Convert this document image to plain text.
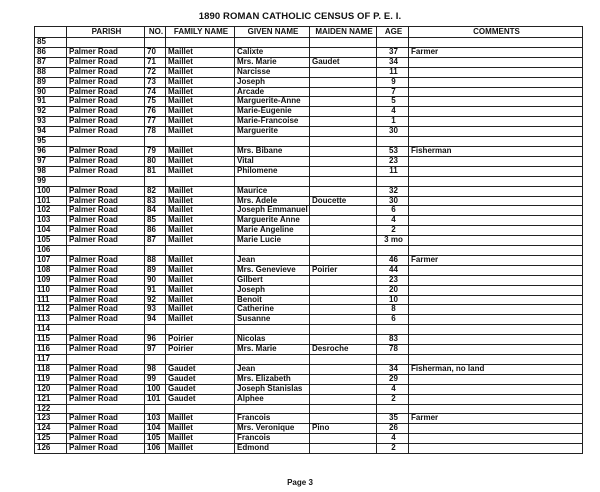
1890 ROMAN CATHOLIC CENSUS OF P. E. I.
	PARISH	NO.	FAMILY NAME	GIVEN NAME	MAIDEN NAME	AGE	COMMENTS
85							
86	Palmer Road	70	Maillet	Calixte		37	Farmer
87	Palmer Road	71	Maillet	Mrs. Marie	Gaudet	34	
88	Palmer Road	72	Maillet	Narcisse		11	
89	Palmer Road	73	Maillet	Joseph		9	
90	Palmer Road	74	Maillet	Arcade		7	
91	Palmer Road	75	Maillet	Marguerite-Anne		5	
92	Palmer Road	76	Maillet	Marie-Eugenie		4	
93	Palmer Road	77	Maillet	Marie-Francoise		1	
94	Palmer Road	78	Maillet	Marguerite		30	
95							
96	Palmer Road	79	Maillet	Mrs. Bibane		53	Fisherman
97	Palmer Road	80	Maillet	Vital		23	
98	Palmer Road	81	Maillet	Philomene		11	
99							
100	Palmer Road	82	Maillet	Maurice		32	
101	Palmer Road	83	Maillet	Mrs. Adele	Doucette	30	
102	Palmer Road	84	Maillet	Joseph Emmanuel		6	
103	Palmer Road	85	Maillet	Marguerite Anne		4	
104	Palmer Road	86	Maillet	Marie Angeline		2	
105	Palmer Road	87	Maillet	Marie Lucie		3 mo	
106							
107	Palmer Road	88	Maillet	Jean		46	Farmer
108	Palmer Road	89	Maillet	Mrs. Genevieve	Poirier	44	
109	Palmer Road	90	Maillet	Gilbert		23	
110	Palmer Road	91	Maillet	Joseph		20	
111	Palmer Road	92	Maillet	Benoit		10	
112	Palmer Road	93	Maillet	Catherine		8	
113	Palmer Road	94	Maillet	Susanne		6	
114							
115	Palmer Road	96	Poirier	Nicolas		83	
116	Palmer Road	97	Poirier	Mrs. Marie	Desroche	78	
117							
118	Palmer Road	98	Gaudet	Jean		34	Fisherman, no land
119	Palmer Road	99	Gaudet	Mrs. Elizabeth		29	
120	Palmer Road	100	Gaudet	Joseph Stanislas		4	
121	Palmer Road	101	Gaudet	Alphee		2	
122							
123	Palmer Road	103	Maillet	Francois		35	Farmer
124	Palmer Road	104	Maillet	Mrs. Veronique	Pino	26	
125	Palmer Road	105	Maillet	Francois		4	
126	Palmer Road	106	Maillet	Edmond		2	
Page 3
